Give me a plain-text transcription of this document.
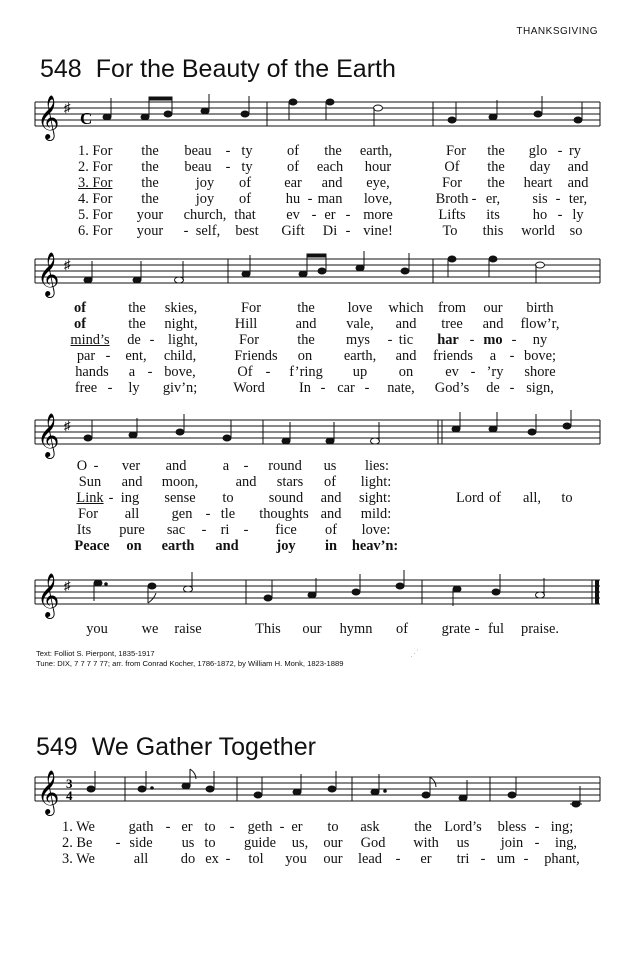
THANKSGIVING
548 For the Beauty of the Earth
𝄞 ♯
C
1. For the beau - ty of the earth,	For the glo - ry
2. For the beau - ty of each hour	Of the day and
3. For the	joy of ear and eye,	For the heart and
4. For the	joy of hu - man love,	Broth - er, sis - ter,
5. For your church, that ev - er - more	Lifts its ho - ly
6. For your - self, best Gift Di - vine!	To this world so
𝄞 ♯
of	the skies,	For	the love which from our birth
of	the night,	Hill	and vale, and tree and flow’r,
mind’s de - light,	For	the mys - tic har - mo - ny
par - ent, child,	Friends on earth, and friends a - bove;
hands a - bove,	Of - f’ring up on ev - ’ry shore
free - ly giv’n;	Word In - car - nate, God’s de - sign,
𝄞 ♯
O - ver and	a - round us lies:
Sun and moon,	and stars of light:
Link - ing sense to sound and sight:	Lord of all, to
For all gen - tle thoughts and mild:
Its pure sac - ri - fice of love:
Peace on earth and	joy in heav’n:
𝄞 ♯
you we raise	This our hymn of grate - ful praise.
Text: Folliot S. Pierpont, 1835-1917
Tune: DIX, 7 7 7 7 77; arr. from Conrad Kocher, 1786-1872, by William H. Monk, 1823-1889
⋰
549 We Gather Together
𝄞 3
4
1. We gath - er to - geth - er to ask the Lord’s bless - ing;
2. Be - side us to guide us, our God with us join - ing,
3. We	all do ex - tol you our lead - er tri - um - phant,
